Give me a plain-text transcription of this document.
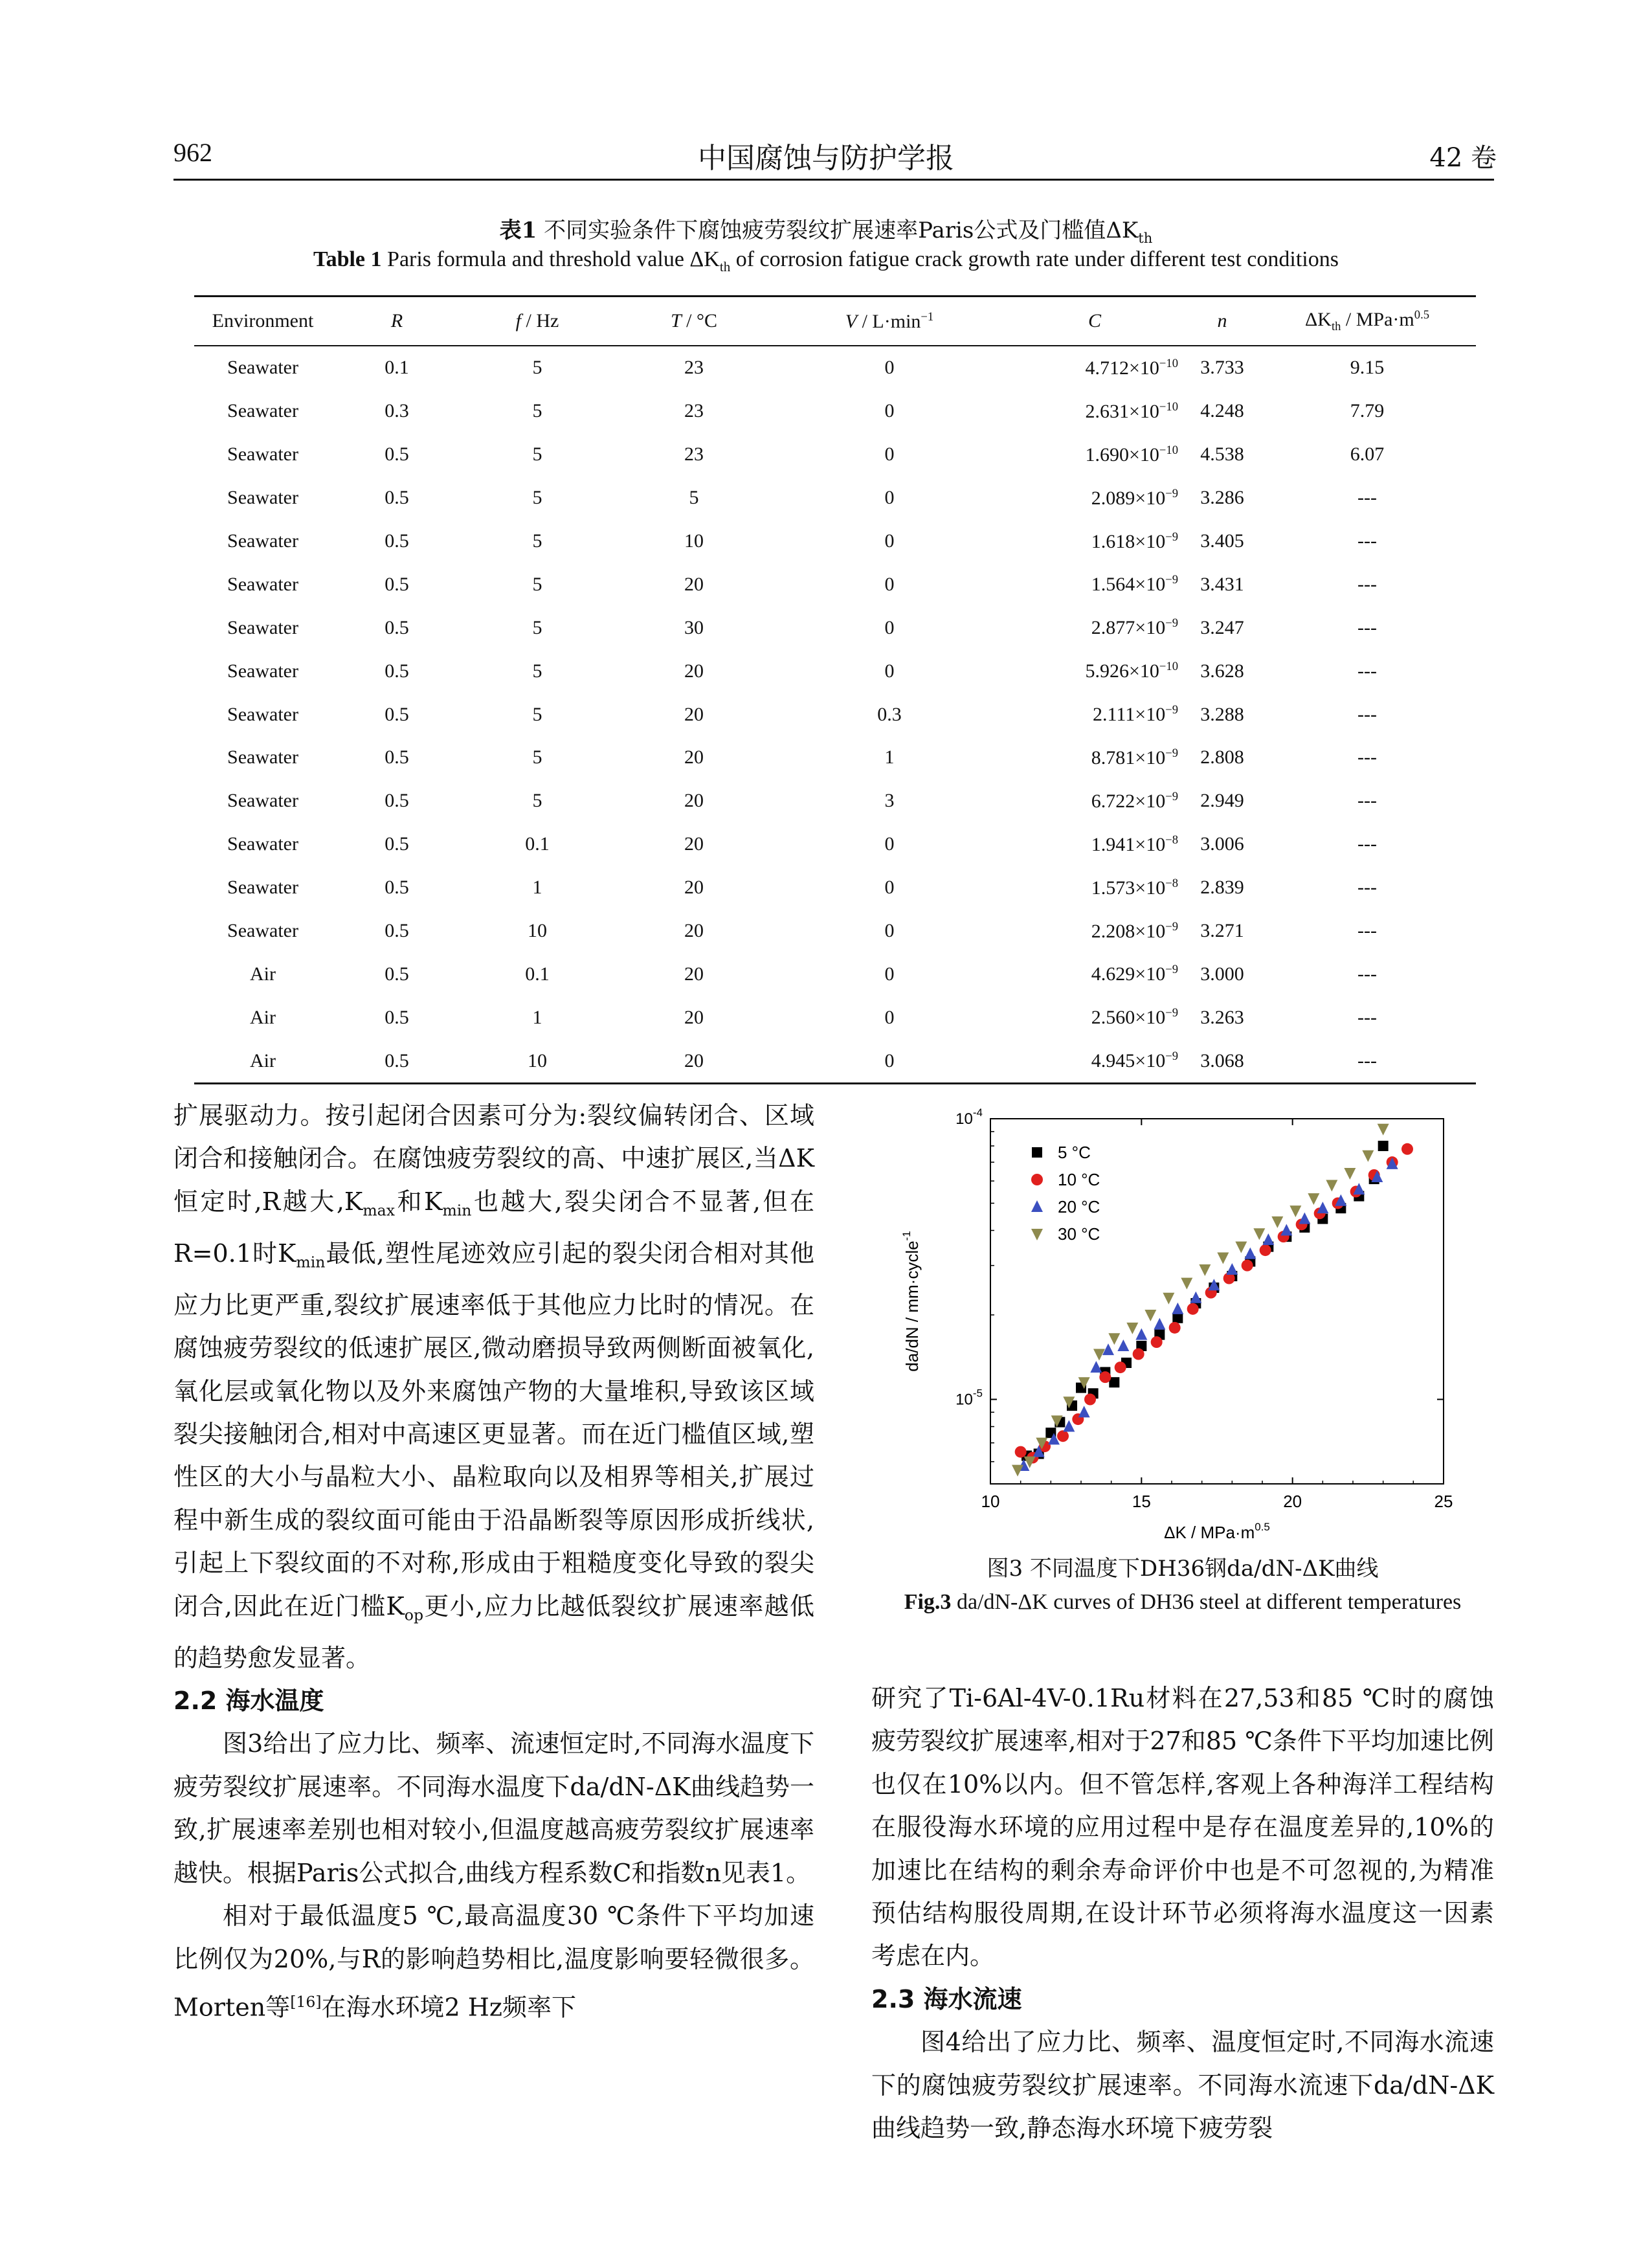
962	中国腐蚀与防护学报	42 卷
表1 不同实验条件下腐蚀疲劳裂纹扩展速率Paris公式及门槛值$\Delta K_{th}$
Table 1 Paris formula and threshold value $\Delta K_{th}$ of corrosion fatigue crack growth rate under different test conditions
Environment	R	f / Hz	T / °C	$V / L\cdot\min^{-1}$	C	n	$\Delta K_{th} / MPa\cdot m^{0.5}$
Seawater	0.1	5	23	0	$4.712\times 10^{-10}$	3.733	9.15
Seawater	0.3	5	23	0	$2.631\times 10^{-10}$	4.248	7.79
Seawater	0.5	5	23	0	$1.690\times 10^{-10}$	4.538	6.07
Seawater	0.5	5	5	0	$2.089\times 10^{-9}$	3.286	---
Seawater	0.5	5	10	0	$1.618\times 10^{-9}$	3.405	---
Seawater	0.5	5	20	0	$1.564\times 10^{-9}$	3.431	---
Seawater	0.5	5	30	0	$2.877\times 10^{-9}$	3.247	---
Seawater	0.5	5	20	0	$5.926\times 10^{-10}$	3.628	---
Seawater	0.5	5	20	0.3	$2.111\times 10^{-9}$	3.288	---
Seawater	0.5	5	20	1	$8.781\times 10^{-9}$	2.808	---
Seawater	0.5	5	20	3	$6.722\times 10^{-9}$	2.949	---
Seawater	0.5	0.1	20	0	$1.941\times 10^{-8}$	3.006	---
Seawater	0.5	1	20	0	$1.573\times 10^{-8}$	2.839	---
Seawater	0.5	10	20	0	$2.208\times 10^{-9}$	3.271	---
Air	0.5	0.1	20	0	$4.629\times 10^{-9}$	3.000	---
Air	0.5	1	20	0	$2.560\times 10^{-9}$	3.263	---
Air	0.5	10	20	0	$4.945\times 10^{-9}$	3.068	---

扩展驱动力。按引起闭合因素可分为:裂纹偏转闭合、区域闭合和接触闭合。在腐蚀疲劳裂纹的高、中速扩展区,当ΔK恒定时,R越大$,K_{max}$和$K_{min}$也越大,裂尖闭合不显著,但在R=0.1时$K_{min}$最低,塑性尾迹效应引起的裂尖闭合相对其他应力比更严重,裂纹扩展速率低于其他应力比时的情况。在腐蚀疲劳裂纹的低速扩展区,微动磨损导致两侧断面被氧化,氧化层或氧化物以及外来腐蚀产物的大量堆积,导致该区域裂尖接触闭合,相对中高速区更显著。而在近门槛值区域,塑性区的大小与晶粒大小、晶粒取向以及相界等相关,扩展过程中新生成的裂纹面可能由于沿晶断裂等原因形成折线状,引起上下裂纹面的不对称,形成由于粗糙度变化导致的裂尖闭合,因此在近门槛$K_{op}$更小,应力比越低裂纹扩展速率越低的趋势愈发显著。

2.2 海水温度

图3给出了应力比、频率、流速恒定时,不同海水温度下疲劳裂纹扩展速率。不同海水温度下da/dN-ΔK曲线趋势一致,扩展速率差别也相对较小,但温度越高疲劳裂纹扩展速率越快。根据Paris公式拟合,曲线方程系数C和指数n见表1。

相对于最低温度5 ℃,最高温度30 ℃条件下平均加速比例仅为20%,与R的影响趋势相比,温度影响要轻微很多。Morten等[16]在海水环境2 Hz频率下

10	15	20	25
$10^{-5}$
$10^{-4}$
$\Delta K / MPa\cdot m^{0.5}$
da/dN / mm·cycle$^{-1}$
5 °C
10 °C
20 °C
30 °C
图3 不同温度下DH36钢da/dN-ΔK曲线
Fig.3 da/dN-ΔK curves of DH36 steel at different temperatures

研究了Ti-6Al-4V-0.1Ru材料在27,53和85 ℃时的腐蚀疲劳裂纹扩展速率,相对于27和85 ℃条件下平均加速比例也仅在10%以内。但不管怎样,客观上各种海洋工程结构在服役海水环境的应用过程中是存在温度差异的,10%的加速比在结构的剩余寿命评价中也是不可忽视的,为精准预估结构服役周期,在设计环节必须将海水温度这一因素考虑在内。

2.3 海水流速

图4给出了应力比、频率、温度恒定时,不同海水流速下的腐蚀疲劳裂纹扩展速率。不同海水流速下da/dN-ΔK曲线趋势一致,静态海水环境下疲劳裂
